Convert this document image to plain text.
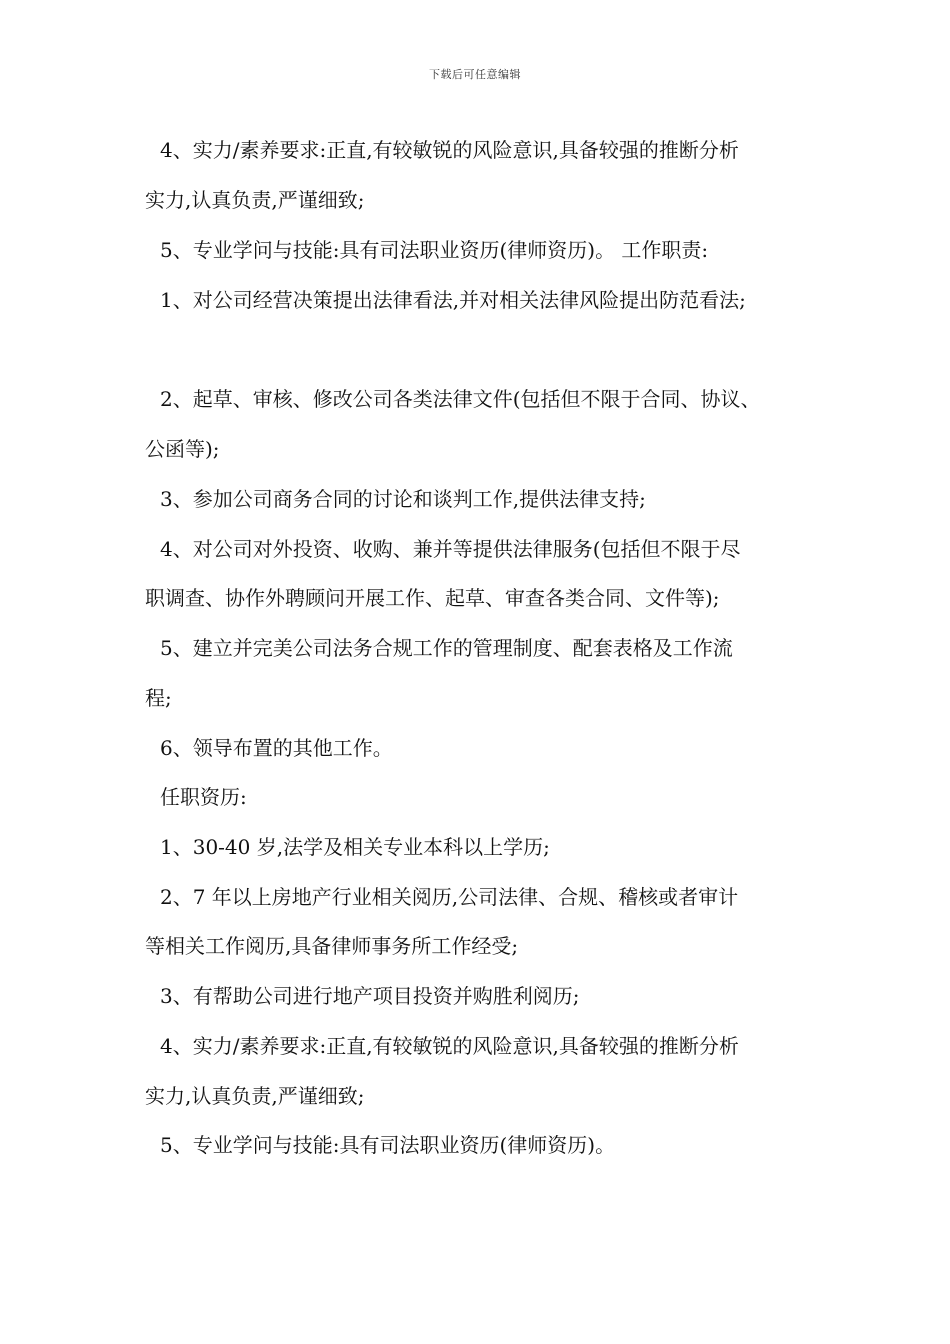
下载后可任意编辑
4、实力/素养要求:正直,有较敏锐的风险意识,具备较强的推断分析
实力,认真负责,严谨细致;
5、专业学问与技能:具有司法职业资历(律师资历)。 工作职责:
1、对公司经营决策提出法律看法,并对相关法律风险提出防范看法;
2、起草、审核、修改公司各类法律文件(包括但不限于合同、协议、
公函等);
3、参加公司商务合同的讨论和谈判工作,提供法律支持;
4、对公司对外投资、收购、兼并等提供法律服务(包括但不限于尽
职调查、协作外聘顾问开展工作、起草、审查各类合同、文件等);
5、建立并完美公司法务合规工作的管理制度、配套表格及工作流
程;
6、领导布置的其他工作。
任职资历:
1、30-40 岁,法学及相关专业本科以上学历;
2、7 年以上房地产行业相关阅历,公司法律、合规、稽核或者审计
等相关工作阅历,具备律师事务所工作经受;
3、有帮助公司进行地产项目投资并购胜利阅历;
4、实力/素养要求:正直,有较敏锐的风险意识,具备较强的推断分析
实力,认真负责,严谨细致;
5、专业学问与技能:具有司法职业资历(律师资历)。
